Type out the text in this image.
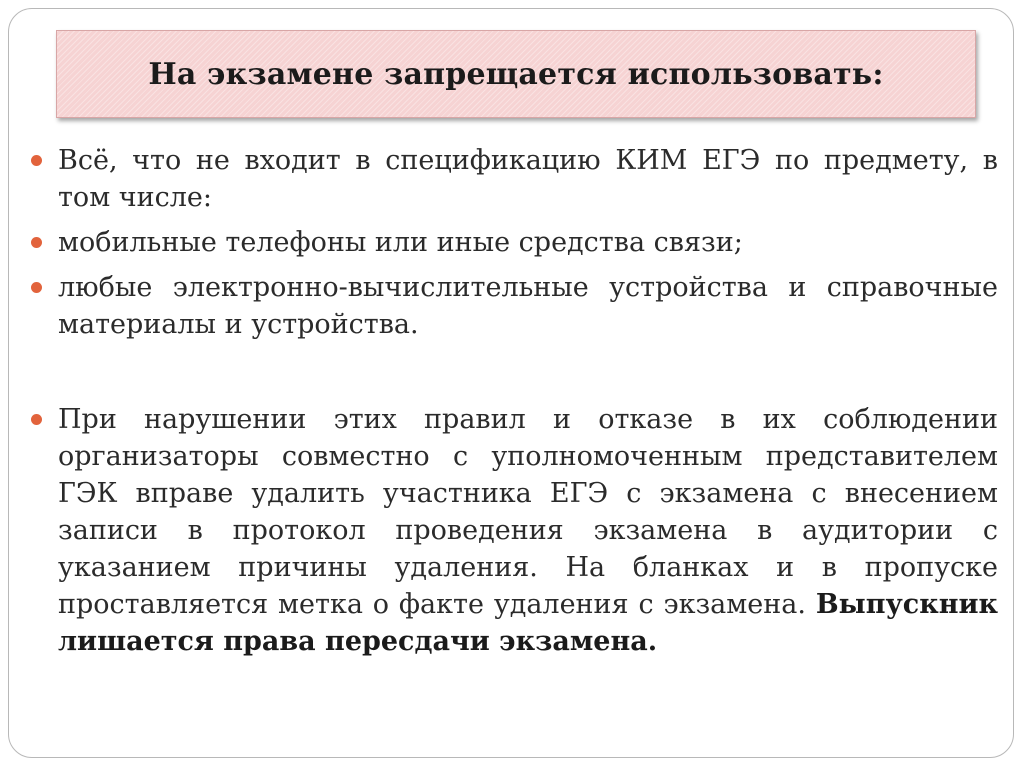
На экзамене запрещается использовать:
Всё, что не входит в спецификацию КИМ ЕГЭ по предмету, в том числе:
мобильные телефоны или иные средства связи;
любые электронно-вычислительные устройства и справочные материалы и устройства.
При нарушении этих правил и отказе в их соблюдении организаторы совместно с уполномоченным представителем ГЭК вправе удалить участника ЕГЭ с экзамена с внесением записи в протокол проведения экзамена в аудитории с указанием причины удаления. На бланках и в пропуске проставляется метка о факте удаления с экзамена. Выпускник лишается права пересдачи экзамена.
